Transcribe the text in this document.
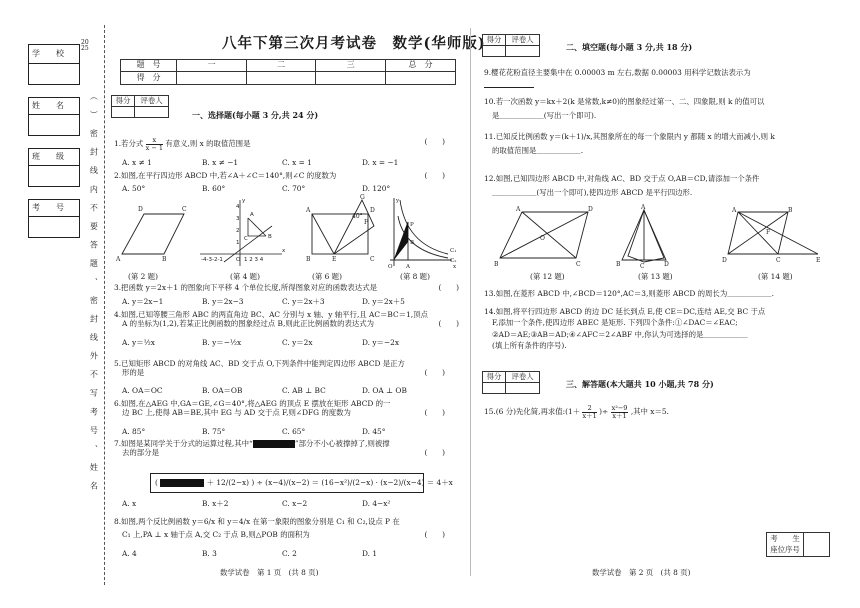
2025
学　　校
姓　　名
班　　级
考　　号	（ ） 密 封 线 内 不 要 答 题 、 密 封 线 外 不 写 考 号 、 姓 名
八年下第三次月考试卷　数学(华师版)
题　号	一	二	三	总　分
得　分				
得分	评卷人

一、选择题(每小题 3 分,共 24 分)
1.若分式 $\frac{x}{x - 1}$ 有意义,则 x 的取值范围是	(　　)
A. x ≠ 1	B. x ≠ −1	C. x = 1	D. x = −1
2.如图,在平行四边形 ABCD 中,若∠A＋∠C＝140°,则∠C 的度数为	(　　)
A. 50°	B. 60°	C. 70°	D. 120°
D	C
A	B	-4-3-2-1 O 1 2 3 4
4
3
2
1
A
B
C
x
y
A	D
B	E	C
G
40°
F	P
B
A
O
C₁
C₂
x
y
(第 2 题)	(第 4 题)	(第 6 题)	(第 8 题)
3.把函数 y＝2x＋1 的图象向下平移 4 个单位长度,所得图象对应的函数表达式是	(　　)
A. y＝2x−1	B. y＝2x−3	C. y＝2x＋3	D. y＝2x＋5
4.如图,已知等腰三角形 ABC 的两直角边 BC、AC 分别与 x 轴、y 轴平行,且 AC＝BC＝1,顶点
A 的坐标为(1,2),若某正比例函数的图象经过点 B,则此正比例函数的表达式为	(　　)
A. y＝½x	B. y＝−½x	C. y＝2x	D. y＝−2x
5.已知矩形 ABCD 的对角线 AC、BD 交于点 O,下列条件中能判定四边形 ABCD 是正方
形的是	(　　)
A. OA＝OC	B. OA＝OB	C. AB ⊥ BC	D. OA ⊥ OB
6.如图,在△AEG 中,GA＝GE,∠G＝40°,将△AEG 的顶点 E 摆放在矩形 ABCD 的一
边 BC 上,使得 AB＝BE,其中 EG 与 AD 交于点 F,则∠DFG 的度数为	(　　)
A. 85°	B. 75°	C. 65°	D. 45°
7.如图是某同学关于分式的运算过程,其中“	”部分不小心被撑掉了,则被撑
去的部分是	(　　)
(	＋ 12/(2−x) ) ÷ (x−4)/(x−2) ＝ (16−x²)/(2−x) · (x−2)/(x−4) ＝ 4＋x
A. x	B. x＋2	C. x−2	D. 4−x²
8.如图,两个反比例函数 y＝6/x 和 y＝4/x 在第一象限的图象分别是 C₁ 和 C₂,设点 P 在
C₁ 上,PA ⊥ x 轴于点 A,交 C₂ 于点 B,则△POB 的面积为	(　　)
A. 4	B. 3	C. 2	D. 1
数学试卷　第 1 页　(共 8 页)
得分	评卷人

二、填空题(每小题 3 分,共 18 分)
9.樱花花粉直径主要集中在 0.00003 m 左右,数据 0.00003 用科学记数法表示为
10.若一次函数 y＝kx＋2(k 是常数,k≠0)的图象经过第一、二、四象限,则 k 的值可以
是＿＿＿＿＿＿(写出一个即可).
11.已知反比例函数 y＝(k＋1)/x,其图象所在的每一个象限内 y 都随 x 的增大而减小,则 k
的取值范围是＿＿＿＿＿＿.
12.如图,已知四边形 ABCD 中,对角线 AC、BD 交于点 O,AB＝CD,请添加一个条件
＿＿＿＿＿＿(写出一个即可),使四边形 ABCD 是平行四边形.
A	D
B	C
O
A
B	D
C
A	B
D	C	E
F
(第 12 题)	(第 13 题)	(第 14 题)
13.如图,在菱形 ABCD 中,∠BCD＝120°,AC＝3,则菱形 ABCD 的周长为＿＿＿＿＿＿.
14.如图,将平行四边形 ABCD 的边 DC 延长到点 E,使 CE＝DC,连结 AE,交 BC 于点
F,添加一个条件,使四边形 ABEC 是矩形. 下列四个条件:①∠DAC＝∠EAC;
②AD＝AE;③AB＝AD;④∠AFC＝2∠ABF 中,你认为可选择的是＿＿＿＿＿＿
(填上所有条件的序号).
得分	评卷人

三、解答题(本大题共 10 小题,共 78 分)
15.(6 分)先化简,再求值:(1＋ $\frac{2}{x+1}$ )÷ $\frac{\text{x²−9}}{x+1}$ ,其中 x＝5.
考　　生
座位序号

数学试卷　第 2 页　(共 8 页)
